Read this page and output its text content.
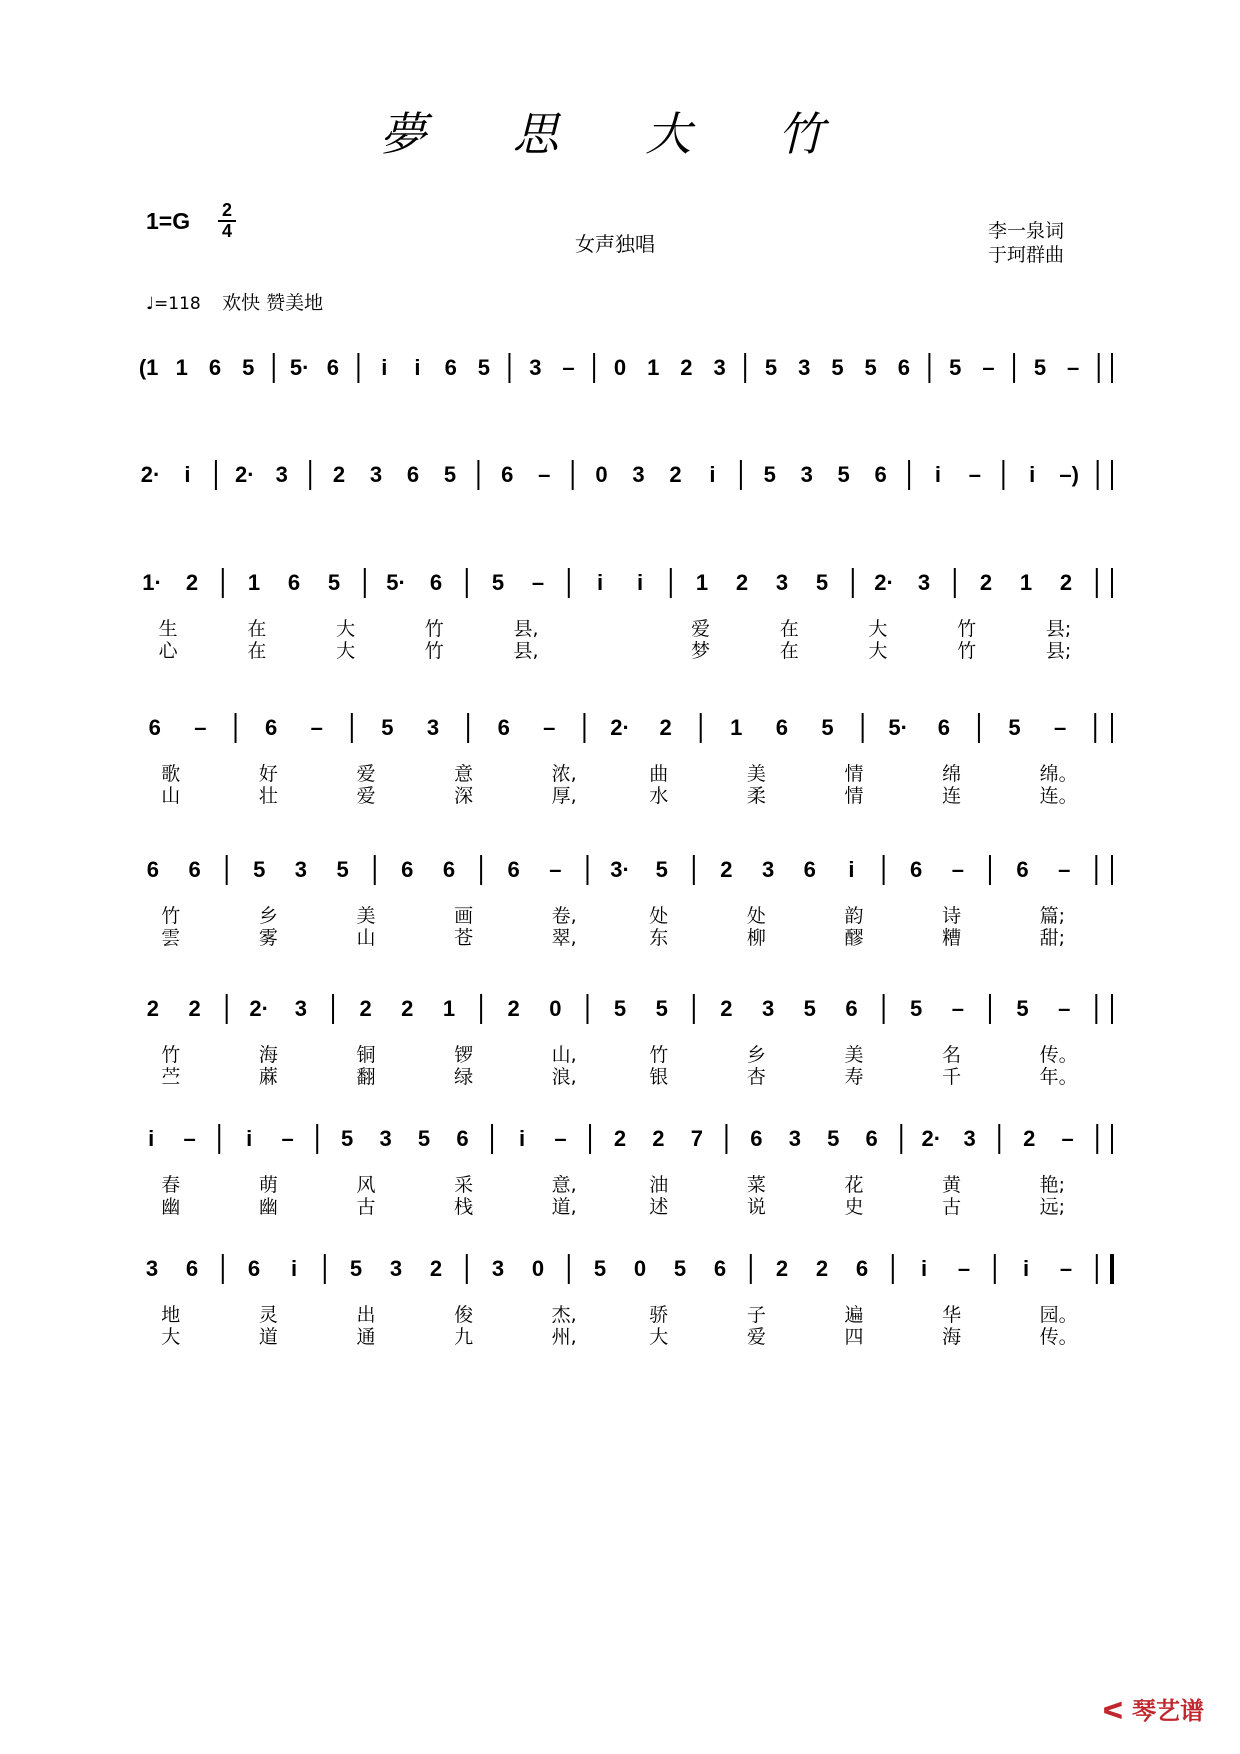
夢 思 大 竹
1=G 2
4
女声独唱
李一泉词
于珂群曲
♩=118 欢快 赞美地
(1 1 6 5 5· 6 i i 6 5 3 – 0 1 2 3 5 3 5 5 6 5 – 5 –
2· i 2· 3 2 3 6 5 6 – 0 3 2 i 5 3 5 6 i – i –)
1· 2 1 6 5 5· 6 5 – i i 1 2 3 5 2· 3 2 1 2
生	在	大	竹	县,	爱	在	大	竹	县;
心	在	大	竹	县,	梦	在	大	竹	县;
6 –	6 –	5 3	6 – 2· 2	1 6 5 5· 6	5 –
歌	好	爱	意	浓,	曲	美	情	绵	绵。
山	壮	爱	深	厚,	水	柔	情	连	连。
6 6 5 3 5 6 6 6 – 3· 5 2 3 6 i	6 – 6 –
竹	乡	美	画	卷,	处	处	韵	诗	篇;
雲	雾	山	苍	翠,	东	柳	醪	糟	甜;
2 2 2· 3 2 2 1 2 0 5 5 2 3 5 6 5 – 5 –
竹	海	铜	锣	山,	竹	乡	美	名	传。
苎	蔴	翻	绿	浪,	银	杏	寿	千	年。
i – i – 5 3 5 6 i – 2 2 7 6 3 5 6 2· 3 2 –
春	萌	风	采	意,	油	菜	花	黄	艳;
幽	幽	古	栈	道,	述	说	史	古	远;
3 6 6 i 5 3 2 3 0 5 0 5 6 2 2 6 i – i –
地	灵	出	俊	杰,	骄	子	遍	华	园。
大	道	通	九	州,	大	爱	四	海	传。
ᐸ 琴艺谱
